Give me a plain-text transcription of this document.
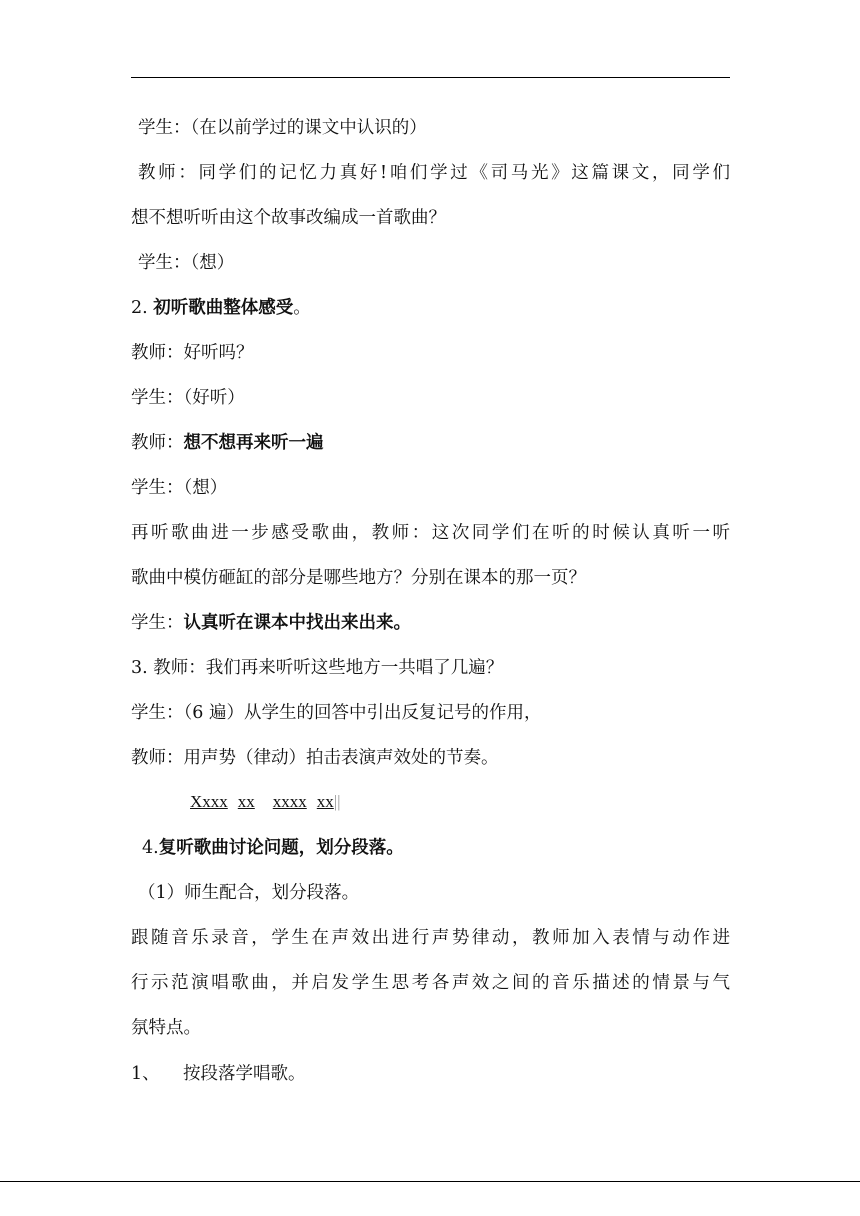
学生：（在以前学过的课文中认识的）
教师：同学们的记忆力真好!咱们学过《司马光》这篇课文，同学们
想不想听听由这个故事改编成一首歌曲？
学生：（想）
2. 初听歌曲整体感受。
教师：好听吗？
学生：（好听）
教师：想不想再来听一遍
学生：（想）
再听歌曲进一步感受歌曲，教师：这次同学们在听的时候认真听一听
歌曲中模仿砸缸的部分是哪些地方？分别在课本的那一页？
学生：认真听在课本中找出来出来。
3. 教师：我们再来听听这些地方一共唱了几遍？
学生：（6 遍）从学生的回答中引出反复记号的作用，
教师：用声势（律动）拍击表演声效处的节奏。
Xxxx xx xxxx xx||
4.复听歌曲讨论问题，划分段落。
（1）师生配合，划分段落。
跟随音乐录音，学生在声效出进行声势律动，教师加入表情与动作进
行示范演唱歌曲，并启发学生思考各声效之间的音乐描述的情景与气
氛特点。
1、 按段落学唱歌。
